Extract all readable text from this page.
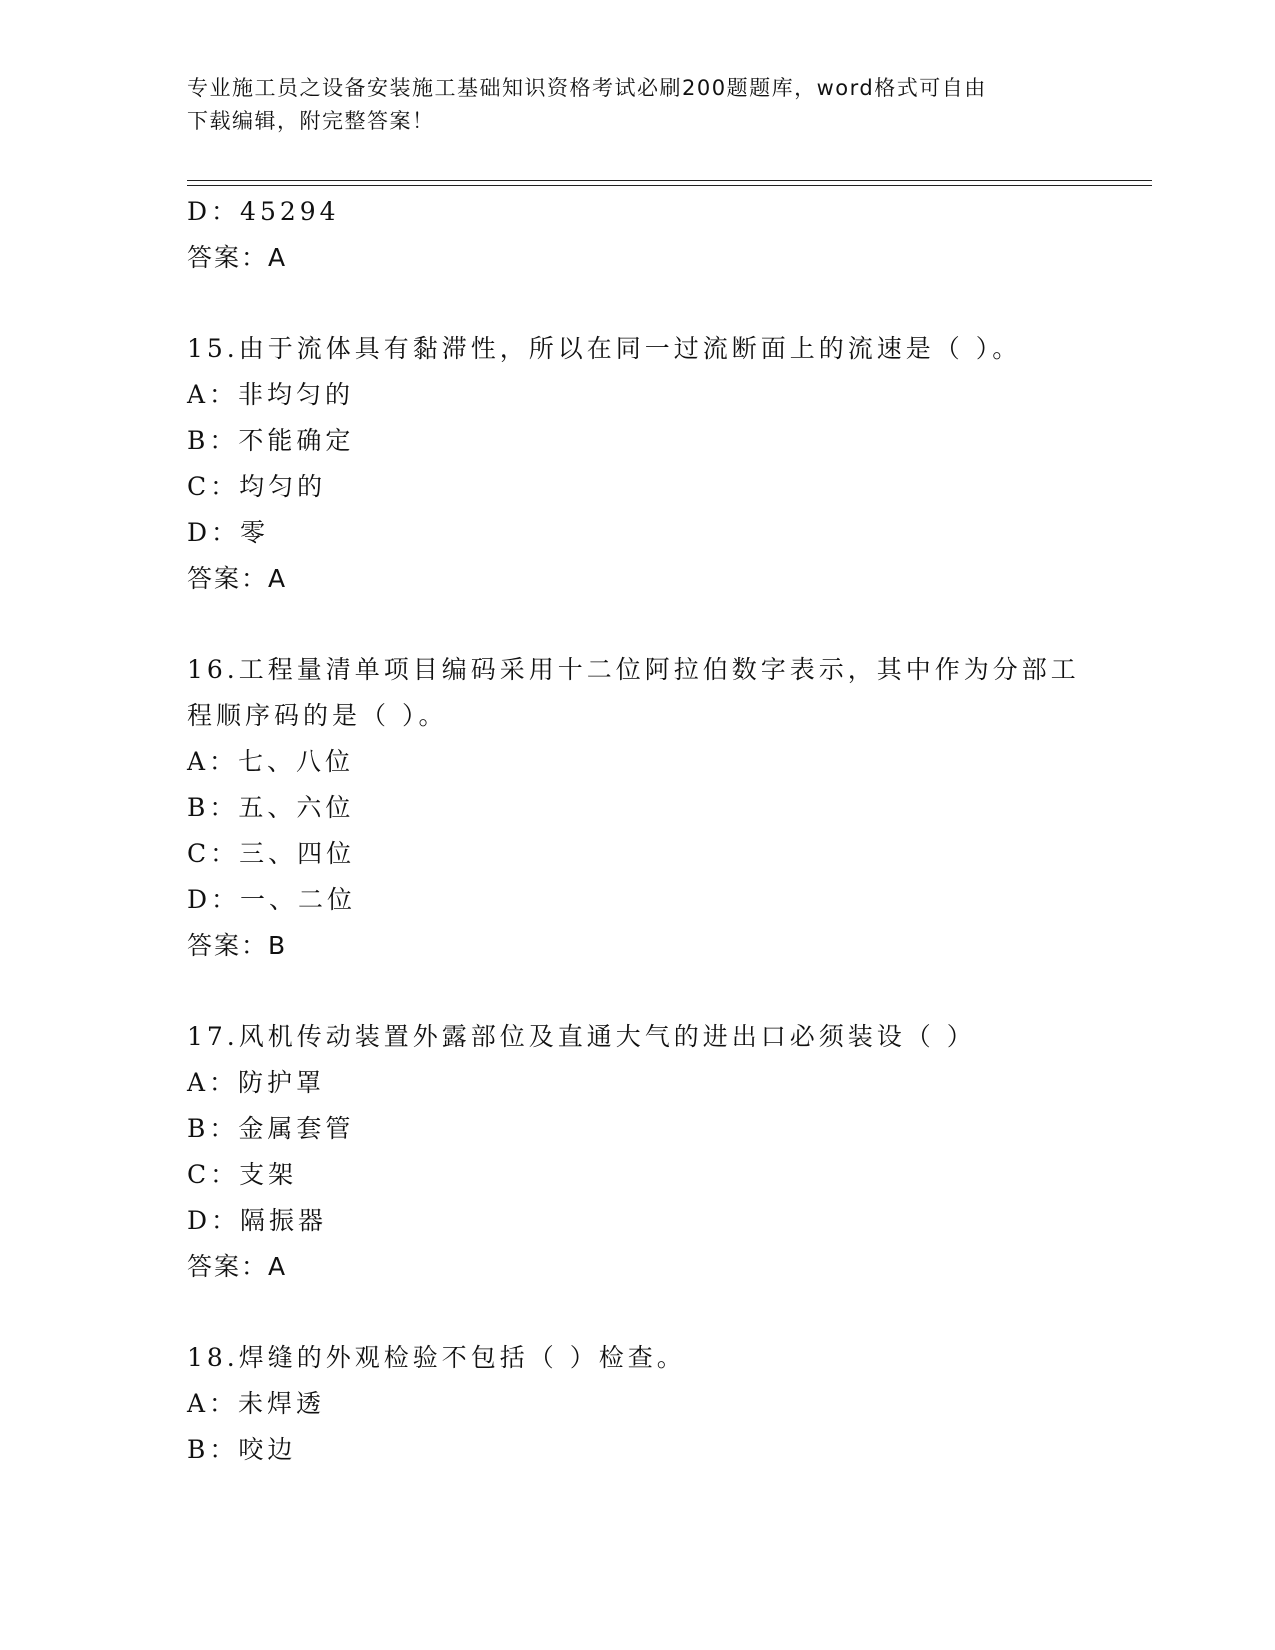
专业施工员之设备安装施工基础知识资格考试必刷200题题库，word格式可自由
下载编辑，附完整答案！
D：45294
答案：A
15.由于流体具有黏滞性，所以在同一过流断面上的流速是（ ）。
A：非均匀的
B：不能确定
C：均匀的
D：零
答案：A
16.工程量清单项目编码采用十二位阿拉伯数字表示，其中作为分部工
程顺序码的是（ ）。
A：七、八位
B：五、六位
C：三、四位
D：一、二位
答案：B
17.风机传动装置外露部位及直通大气的进出口必须装设（ ）
A：防护罩
B：金属套管
C：支架
D：隔振器
答案：A
18.焊缝的外观检验不包括（ ）检查。
A：未焊透
B：咬边
